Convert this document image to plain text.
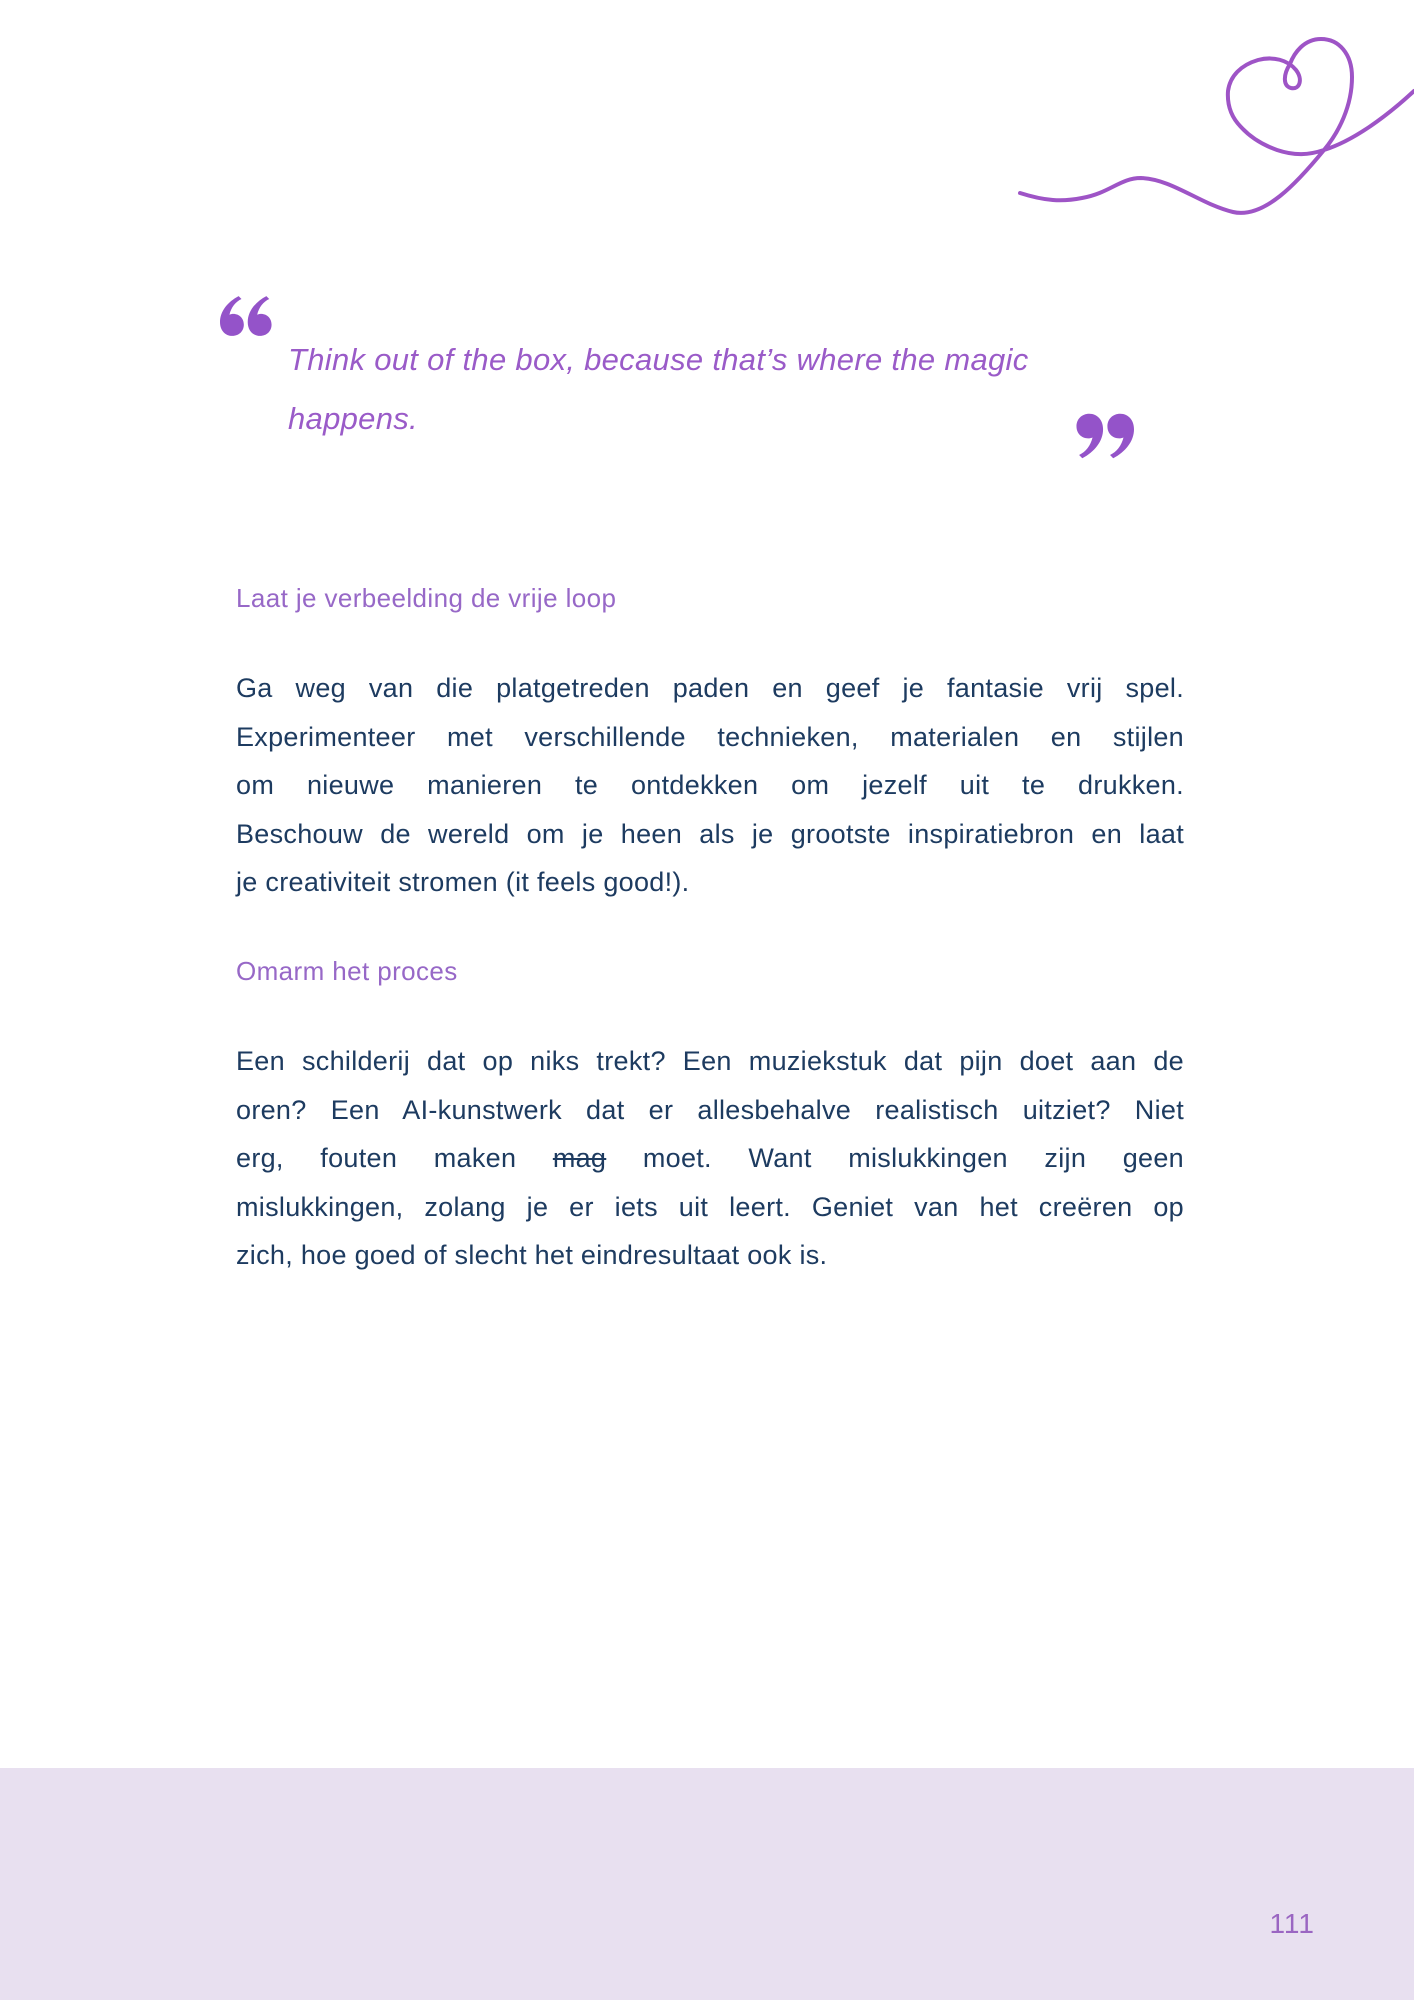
Think out of the box, because that’s where the magic
happens.
Laat je verbeelding de vrije loop
Ga weg van die platgetreden paden en geef je fantasie vrij spel.
Experimenteer met verschillende technieken, materialen en stijlen
om nieuwe manieren te ontdekken om jezelf uit te drukken.
Beschouw de wereld om je heen als je grootste inspiratiebron en laat
je creativiteit stromen (it feels good!).
Omarm het proces
Een schilderij dat op niks trekt? Een muziekstuk dat pijn doet aan de
oren? Een AI-kunstwerk dat er allesbehalve realistisch uitziet? Niet
erg, fouten maken mag moet. Want mislukkingen zijn geen
mislukkingen, zolang je er iets uit leert. Geniet van het creëren op
zich, hoe goed of slecht het eindresultaat ook is.
111
